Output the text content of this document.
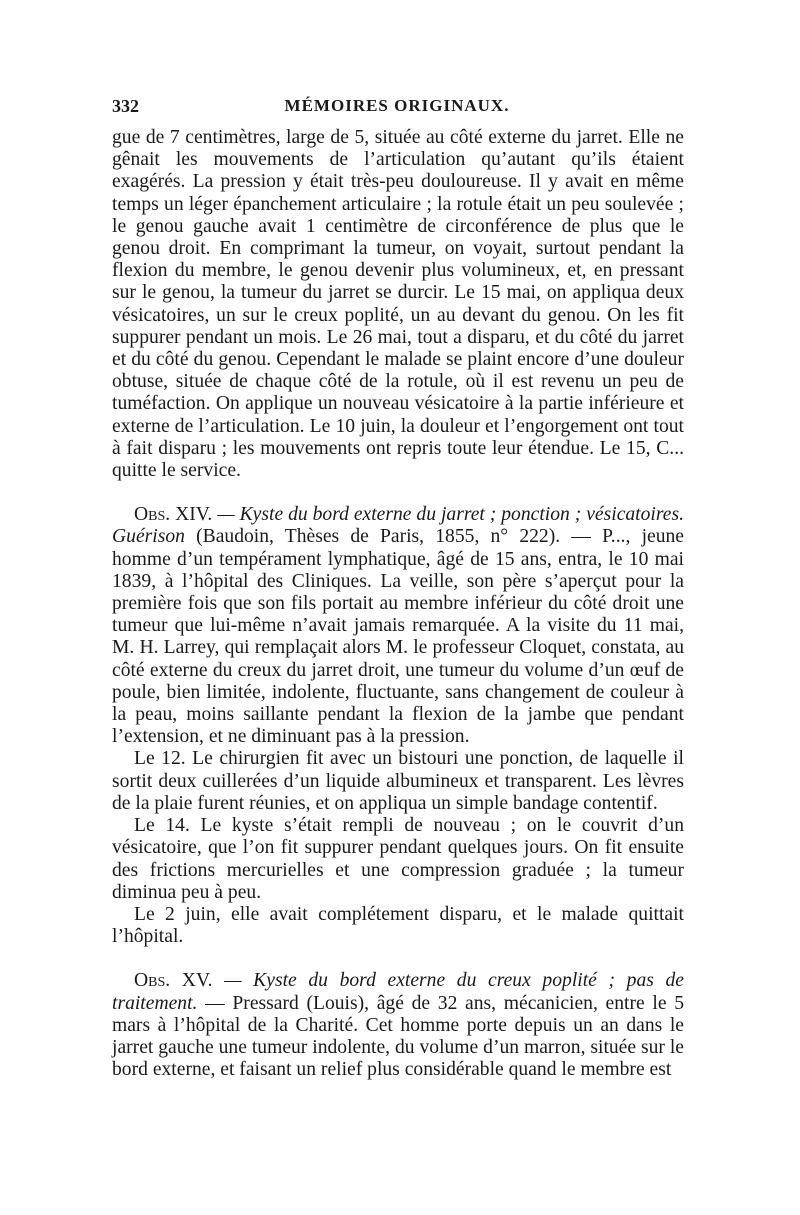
332	MÉMOIRES ORIGINAUX.

gue de 7 centimètres, large de 5, située au côté externe du jarret. Elle ne gênait les mouvements de l’articulation qu’autant qu’ils étaient exagérés. La pression y était très-peu douloureuse. Il y avait en même temps un léger épanchement articulaire ; la rotule était un peu soulevée ; le genou gauche avait 1 centimètre de circonférence de plus que le genou droit. En comprimant la tumeur, on voyait, surtout pendant la flexion du membre, le genou devenir plus volumineux, et, en pressant sur le genou, la tumeur du jarret se durcir. Le 15 mai, on appliqua deux vésicatoires, un sur le creux poplité, un au devant du genou. On les fit suppurer pendant un mois. Le 26 mai, tout a disparu, et du côté du jarret et du côté du genou. Cependant le malade se plaint encore d’une douleur obtuse, située de chaque côté de la rotule, où il est revenu un peu de tuméfaction. On applique un nouveau vésicatoire à la partie inférieure et externe de l’articulation. Le 10 juin, la douleur et l’engorgement ont tout à fait disparu ; les mouvements ont repris toute leur étendue. Le 15, C... quitte le service.

Obs. XIV. — Kyste du bord externe du jarret ; ponction ; vésicatoires. Guérison (Baudoin, Thèses de Paris, 1855, n° 222). — P..., jeune homme d’un tempérament lymphatique, âgé de 15 ans, entra, le 10 mai 1839, à l’hôpital des Cliniques. La veille, son père s’aperçut pour la première fois que son fils portait au membre inférieur du côté droit une tumeur que lui-même n’avait jamais remarquée. A la visite du 11 mai, M. H. Larrey, qui remplaçait alors M. le professeur Cloquet, constata, au côté externe du creux du jarret droit, une tumeur du volume d’un œuf de poule, bien limitée, indolente, fluctuante, sans changement de couleur à la peau, moins saillante pendant la flexion de la jambe que pendant l’extension, et ne diminuant pas à la pression.

Le 12. Le chirurgien fit avec un bistouri une ponction, de laquelle il sortit deux cuillerées d’un liquide albumineux et transparent. Les lèvres de la plaie furent réunies, et on appliqua un simple bandage contentif.

Le 14. Le kyste s’était rempli de nouveau ; on le couvrit d’un vésicatoire, que l’on fit suppurer pendant quelques jours. On fit ensuite des frictions mercurielles et une compression graduée ; la tumeur diminua peu à peu.

Le 2 juin, elle avait complétement disparu, et le malade quittait l’hôpital.

Obs. XV. — Kyste du bord externe du creux poplité ; pas de traitement. — Pressard (Louis), âgé de 32 ans, mécanicien, entre le 5 mars à l’hôpital de la Charité. Cet homme porte depuis un an dans le jarret gauche une tumeur indolente, du volume d’un marron, située sur le bord externe, et faisant un relief plus considérable quand le membre est
